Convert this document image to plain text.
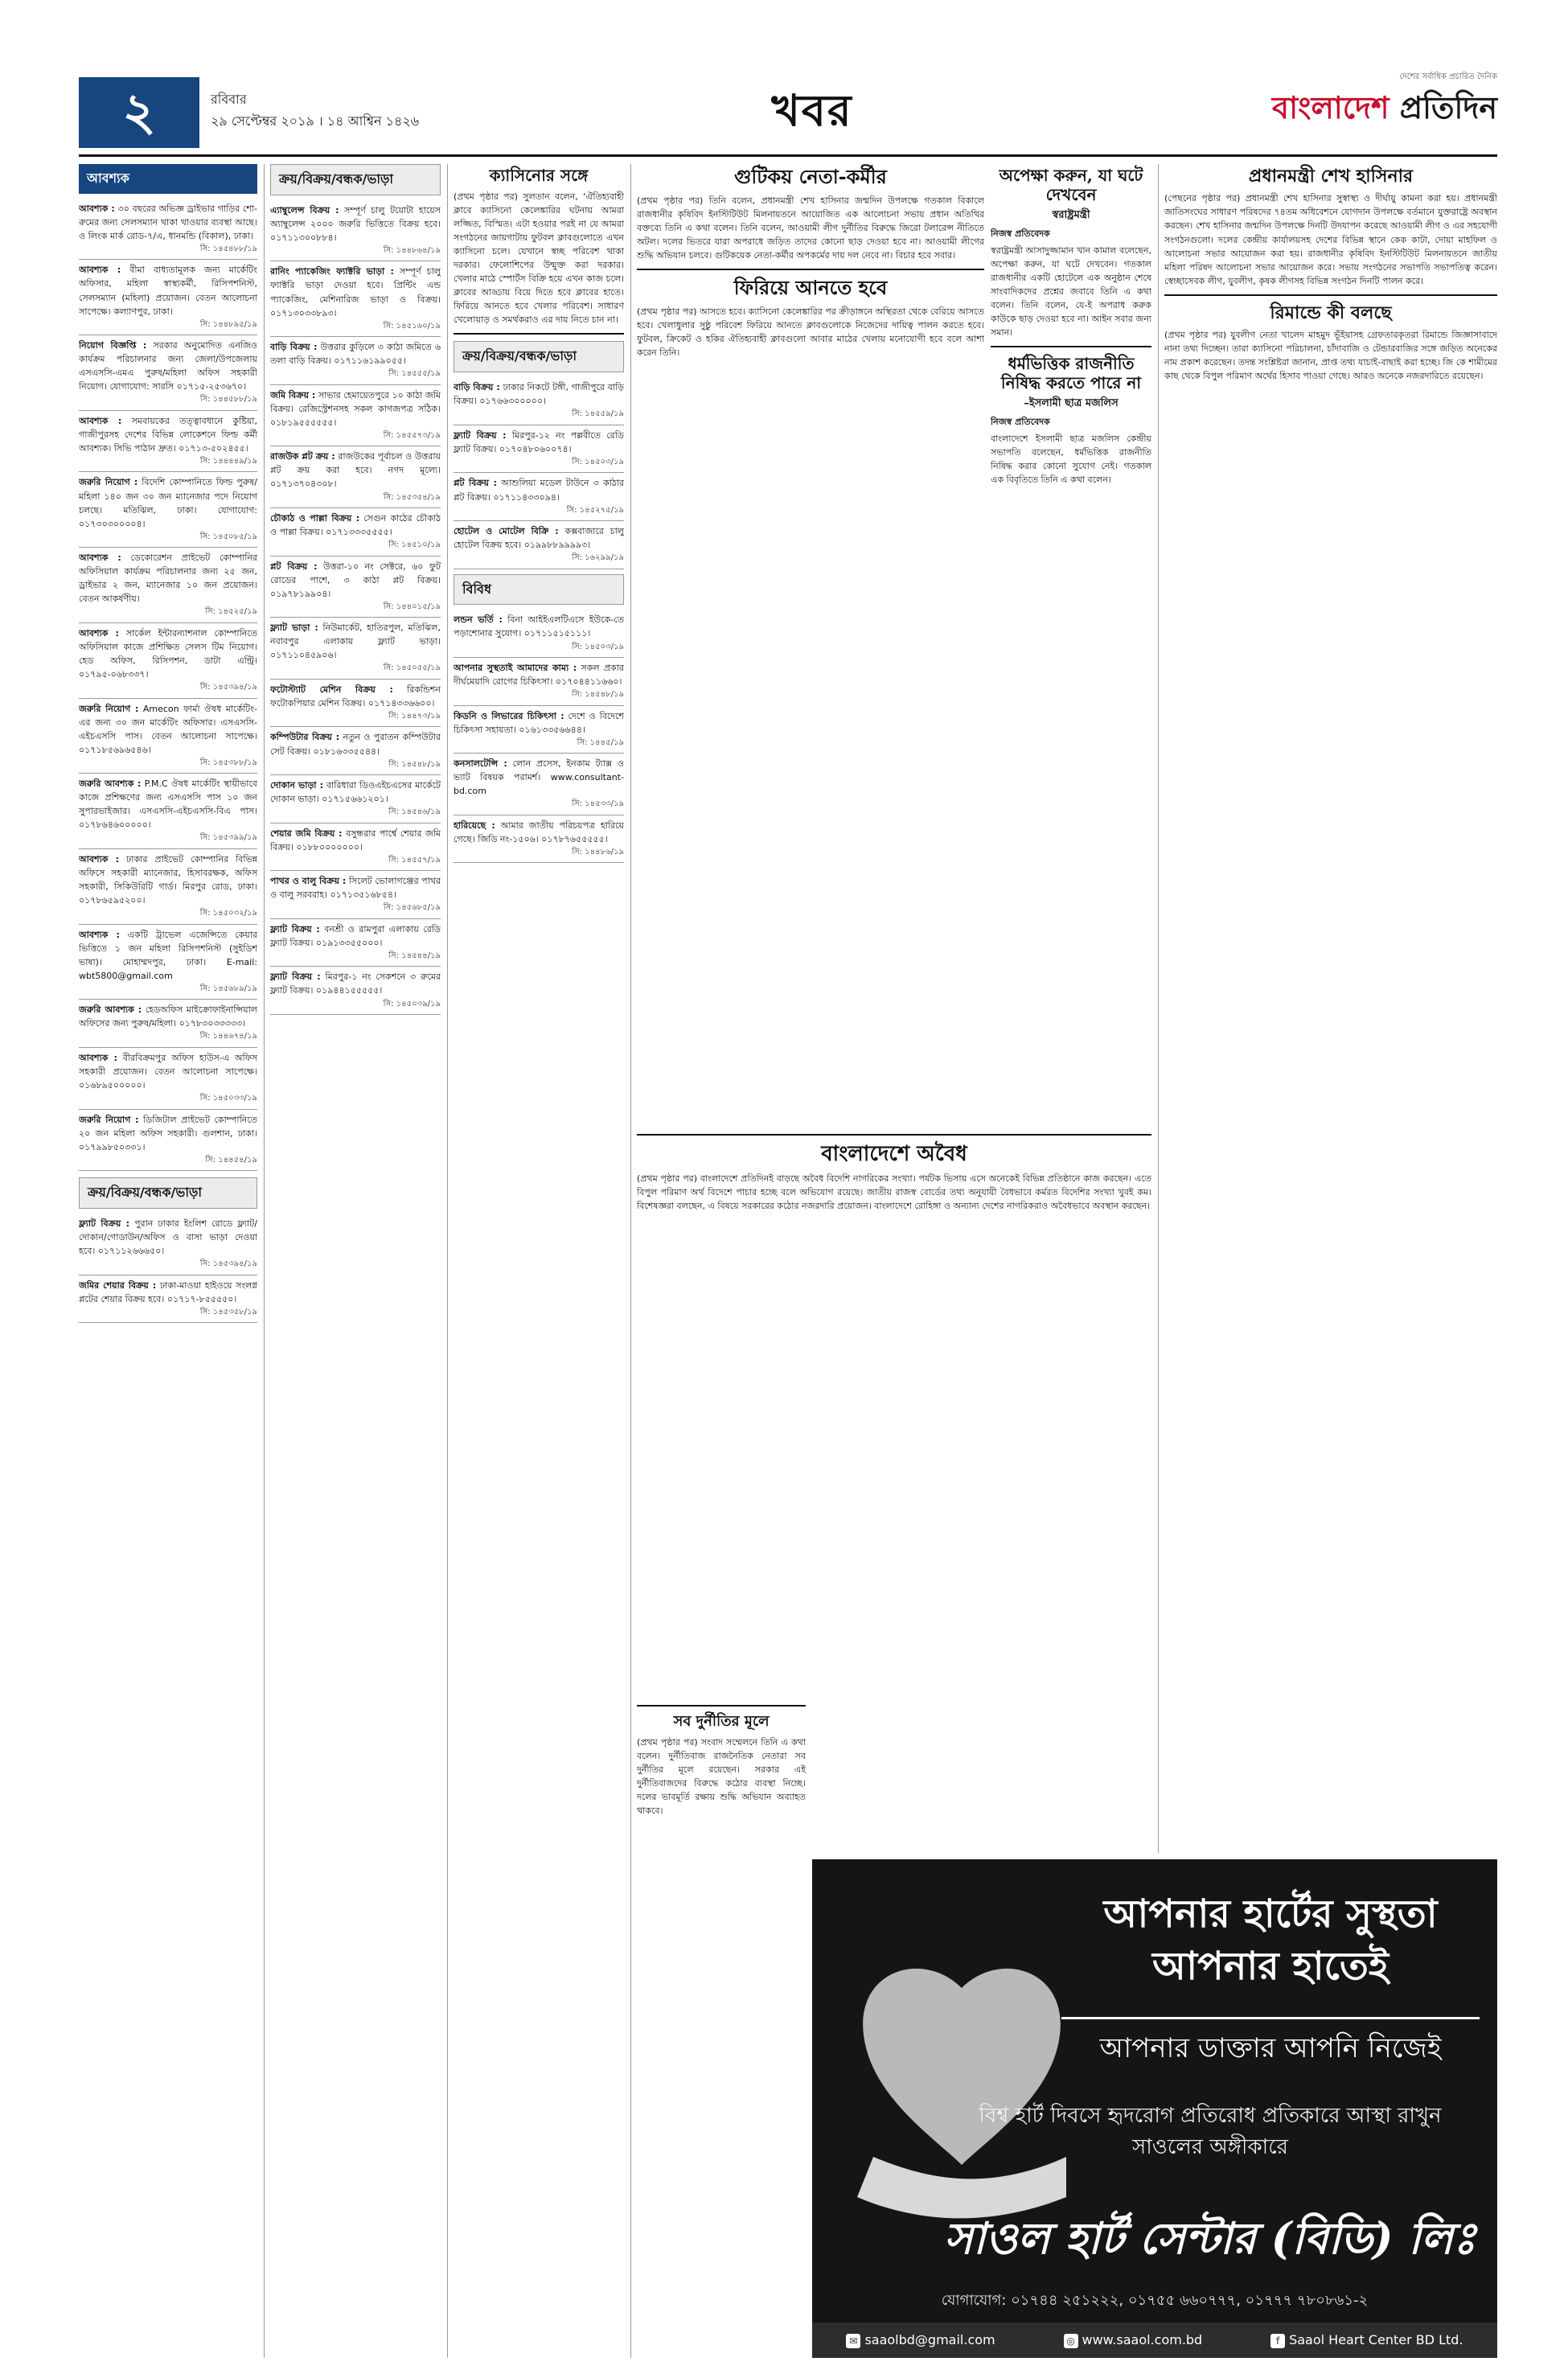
২	রবিবার
২৯ সেপ্টেম্বর ২০১৯ । ১৪ আশ্বিন ১৪২৬	খবর
দেশের সর্বাধিক প্রচারিত দৈনিক
বাংলাদেশ প্রতিদিন
আবশ্যক
আবশ্যক : ৩০ বছরের অভিজ্ঞ ড্রাইভার গাড়ির শো-রুমের জন্য সেলসম্যান থাকা থাওয়ার ব্যবস্থা আছে। ও লিংক মার্ক রোড-৭/এ, ধানমন্ডি (বিকাল), ঢাকা।
সি: ১৪৫৪৮৮/১৯
আবশ্যক : বীমা বাধ্যতামূলক জন্য মার্কেটিং অফিসার, মহিলা স্বাস্থ্যকর্মী, রিসিপশনিস্ট, সেলসম্যান (মহিলা) প্রয়োজন। বেতন আলোচনা সাপেক্ষে। কল্যাণপুর, ঢাকা।
সি: ১৪৪৮৯৫/১৯
নিয়োগ বিজ্ঞপ্তি : সরকার অনুমোদিত এনজিও কার্যক্রম পরিচালনার জন্য জেলা/উপজেলায় এসএসসি-এমএ পুরুষ/মহিলা অফিস সহকারী নিয়োগ। যোগাযোগ: সারসি ০১৭১৫-২৫৩৬৭০।
সি: ১৪৪৫৮৮/১৯
আবশ্যক : সমবায়কের তত্ত্বাবধানে কুষ্টিয়া, গাজীপুরসহ দেশের বিভিন্ন লোকেশনে ফিল্ড কর্মী আবশ্যক। সিভি পাঠান দ্রুত। ০১৭১৩-৫০২৪৫৫।
সি: ১৪৪৪৪৯/১৯
জরুরি নিয়োগ : বিদেশি কোম্পানিতে ফিল্ড পুরুষ/মহিলা ১৪০ জন ৩০ জন ম্যানেজার পদে নিয়োগ চলছে। মতিঝিল, ঢাকা। যোগাযোগ: ০১৭৩০৩০০০০৪।
সি: ১৪৫০৮৫/১৯
আবশ্যক : ডেকোরেশন প্রাইভেট কোম্পানির অফিসিয়াল কার্যক্রম পরিচালনার জন্য ২৫ জন, ড্রাইভার ২ জন, ম্যানেজার ১০ জন প্রয়োজন। বেতন আকর্ষণীয়।
সি: ১৪৫২৫/১৯
আবশ্যক : সার্কেল ইন্টারন্যাশনাল কোম্পানিতে অফিসিয়াল কাজে প্রশিক্ষিত সেলস টিম নিয়োগ। হেড অফিস, রিসিপশন, ডাটা এন্ট্রি। ০১৭৯৫-০৬৮৩৩৭।
সি: ১৪৫৩৯৪/১৯
জরুরি নিয়োগ : Amecon ফার্মা ঔষধ মার্কেটিং-এর জন্য ৩০ জন মার্কেটিং অফিসার। এসএসসি-এইচএসসি পাস। বেতন আলোচনা সাপেক্ষে। ০১৭১৮৫৬৯৬৫৪৬।
সি: ১৪৫৩৮৮/১৯
জরুরি আবশ্যক : P.M.C ঔষধ মার্কেটিং স্থায়ীভাবে কাজে প্রশিক্ষণের জন্য এসএসসি পাস ১০ জন সুপারভাইজার। এসএসসি-এইচএসসি-বিএ পাস। ০১৭৮৬৪৬০০০০০।
সি: ১৪৫৩৯৯/১৯
আবশ্যক : ঢাকার প্রাইভেট কোম্পানির বিভিন্ন অফিসে সহকারী ম্যানেজার, হিসাবরক্ষক, অফিস সহকারী, সিকিউরিটি গার্ড। মিরপুর রোড, ঢাকা। ০১৭৮৬৫৯৫২০০।
সি: ১৪৫০৩২/১৯
আবশ্যক : একটি ট্রাভেল এজেন্সিতে কেয়ার ভিত্তিতে ১ জন মহিলা রিসিপশনিস্ট (সুইডিশ ভাষা)। মোহাম্মদপুর, ঢাকা। E-mail: wbt5800@gmail.com
সি: ১৪৫৬৮৯/১৯
জরুরি আবশ্যক : হেডঅফিস মাইক্রোফাইনান্সিয়াল অফিসের জন্য পুরুষ/মহিলা। ০১৭৮৩০৩৩৩৩৩।
সি: ১৪৪৬৭৪/১৯
আবশ্যক : বীরবিক্রমপুর অফিস হাউস-এ অফিস সহকারী প্রয়োজন। বেতন আলোচনা সাপেক্ষে। ০১৬৮৯৫০০০০০।
সি: ১৪৫০৩৩/১৯
জরুরি নিয়োগ : ডিজিটাল প্রাইভেট কোম্পানিতে ২০ জন মহিলা অফিস সহকারী। গুলশান, ঢাকা। ০১৭৯৯৮৫০৩৩১।
সি: ১৪৪৫৪/১৯
ক্রয়/বিক্রয়/বন্ধক/ভাড়া
ফ্ল্যাট বিক্রয় : পুরান ঢাকার ইংলিশ রোডে ফ্ল্যাট/দোকান/গোডাউন/অফিস ও বাসা ভাড়া দেওয়া হবে। ০১৭১১২৬৬৬৫০।
সি: ১৪৫৩৯৪/১৯
জমির শেয়ার বিক্রয় : ঢাকা-মাওয়া হাইওয়ে সংলগ্ন প্লটের শেয়ার বিক্রয় হবে। ০১৭১৭-৮৫৫৫৫০।
সি: ১৪৫৩৫৮/১৯
ক্রয়/বিক্রয়/বন্ধক/ভাড়া
এ্যাম্বুলেন্স বিক্রয় : সম্পূর্ণ চালু টয়োটা হায়েস অ্যাম্বুলেন্স ২০০০ জরুরি ভিত্তিতে বিক্রয় হবে। ০১৭১১৩০০৮৮৪।
সি: ১৪৪৮৬৪/১৯
রানিং প্যাকেজিং ফ্যাক্টরি ভাড়া : সম্পূর্ণ চালু ফ্যাক্টরি ভাড়া দেওয়া হবে। প্রিন্টিং এন্ড প্যাকেজিং, মেশিনারিজ ভাড়া ও বিক্রয়। ০১৭১৩০৩৩৮৯৩।
সি: ১৪৫১৬০/১৯
বাড়ি বিক্রয় : উত্তরার কুড়িলে ৩ কাঠা জমিতে ৬ তলা বাড়ি বিক্রয়। ০১৭১১৬১৯৯০৫৫।
সি: ১৪৫৫৫/১৯
জমি বিক্রয় : সাভার হেমায়েতপুরে ১০ কাঠা জমি বিক্রয়। রেজিস্ট্রেশনসহ সকল কাগজপত্র সঠিক। ০১৮১৯৫৫৫৫৫৫।
সি: ১৪৫৫৭৩/১৯
রাজউক প্লট ক্রয় : রাজউকের পূর্বাচল ও উত্তরায় প্লট ক্রয় করা হবে। নগদ মূল্যে। ০১৭১৩৭০৪৩০৮।
সি: ১৪৫৩৫৪/১৯
চৌকাঠ ও পাল্লা বিক্রয় : সেগুন কাঠের চৌকাঠ ও পাল্লা বিক্রয়। ০১৭১৩৩৩৫৫৫৫।
সি: ১৪৫১০/১৯
প্লট বিক্রয় : উত্তরা-১০ নং সেক্টরে, ৬০ ফুট রোডের পাশে, ৩ কাঠা প্লট বিক্রয়। ০১৯৭৮১৯৯০৪।
সি: ১৪৪০১৫/১৯
ফ্ল্যাট ভাড়া : নিউমার্কেট, হাতিরপুল, মতিঝিল, নবাবপুর এলাকায় ফ্ল্যাট ভাড়া। ০১৭১১০৪৫৯০৬।
সি: ১৪৫০৫৫/১৯
ফটোস্ট্যাট মেশিন বিক্রয় : রিকন্ডিশন ফটোকপিয়ার মেশিন বিক্রয়। ০১৭১৪৩৩৬৬০০।
সি: ১৪৪৭৩/১৯
কম্পিউটার বিক্রয় : নতুন ও পুরাতন কম্পিউটার সেট বিক্রয়। ০১৮১৬৩৩৫৫৪৪।
সি: ১৪৫৪৮/১৯
দোকান ভাড়া : বারিধারা ডিওএইচএসের মার্কেটে দোকান ভাড়া। ০১৭১৫৬৬১২০১।
সি: ১৪৫৪৬/১৯
শেয়ার জমি বিক্রয় : বসুন্ধরার পার্শ্বে শেয়ার জমি বিক্রয়। ০১৮৮০০০০০০০।
সি: ১৪৫৫৭/১৯
পাথর ও বালু বিক্রয় : সিলেট ভোলাগঞ্জের পাথর ও বালু সরবরাহ। ০১৭১৩৫১৬৮৫৪।
সি: ১৪৫৬৮৫/১৯
ফ্ল্যাট বিক্রয় : বনশ্রী ও রামপুরা এলাকায় রেডি ফ্ল্যাট বিক্রয়। ০১৯১৩৩৫৫০০০।
সি: ১৪৫৪৪/১৯
ফ্ল্যাট বিক্রয় : মিরপুর-১ নং সেকশনে ৩ রুমের ফ্ল্যাট বিক্রয়। ০১৯৪৪১৫৫৫৫৫।
সি: ১৪৫০৩৯/১৯
ক্যাসিনোর সঙ্গে
(প্রথম পৃষ্ঠার পর) সুলতান বলেন, ‘ঐতিহ্যবাহী ক্লাবে ক্যাসিনো কেলেঙ্কারির ঘটনায় আমরা লজ্জিত, বিস্মিত। এটা হওয়ার পরই না যে আমরা সংগঠনের জায়গাটায় ফুটবল ক্লাবগুলোতে এখন ক্যাসিনো চলে। যেখানে স্বচ্ছ পরিবেশ থাকা দরকার। ফেলোশিপের উন্মুক্ত করা দরকার। খেলার মাঠে স্পোর্টস বিক্রি হয়ে এখন কাজ চলে। ক্লাবের আড্ডায় বিয়ে দিতে হবে ক্লাবের হাতে। ফিরিয়ে আনতে হবে খেলার পরিবেশ। সাধারণ খেলোয়াড় ও সমর্থকরাও এর দায় নিতে চান না।
ক্রয়/বিক্রয়/বন্ধক/ভাড়া
বাড়ি বিক্রয় : ঢাকার নিকটে টঙ্গী, গাজীপুরে বাড়ি বিক্রয়। ০১৭৬৬৩০০০০০।
সি: ১৪৫৫৯/১৯
ফ্ল্যাট বিক্রয় : মিরপুর-১২ নং পল্লবীতে রেডি ফ্ল্যাট বিক্রয়। ০১৭০৪৮০৬০০৭৪।
সি: ১৪৫০৩/১৯
প্লট বিক্রয় : আশুলিয়া মডেল টাউনে ৩ কাঠার প্লট বিক্রয়। ০১৭১১৪৩৩০৯৪।
সি: ১৪৫২৭৫/১৯
হোটেল ও মোটেল বিক্রি : কক্সবাজারে চালু হোটেল বিক্রয় হবে। ০১৯৯৮৮৯৯৯৯৩।
সি: ১৬২৯৯/১৯
বিবিধ
লন্ডন ভর্তি : বিনা আইইএলটিএসে ইউকে-তে পড়াশোনার সুযোগ। ০১৭১১৫১৫১১১।
সি: ১৪৫০৩/১৯
আপনার সুস্থতাই আমাদের কাম্য : সকল প্রকার দীর্ঘমেয়াদি রোগের চিকিৎসা। ০১৭০৪৪১১৬৬০।
সি: ১৪৫৪৮/১৯
কিডনি ও লিভারের চিকিৎসা : দেশে ও বিদেশে চিকিৎসা সহায়তা। ০১৬১৩৩৫৬৬৪৪।
সি: ১৪৪৫/১৯
কনসালটেন্সি : লোন প্রসেস, ইনকাম ট্যাক্স ও ভ্যাট বিষয়ক পরামর্শ। www.consultant-bd.com
সি: ১৪৫৩৩/১৯
হারিয়েছে : আমার জাতীয় পরিচয়পত্র হারিয়ে গেছে। জিডি নং-১৫০৬। ০১৭৮৭৬৫৫৫৫৫।
সি: ১৪৪৮৬/১৯
গুটিকয় নেতা-কর্মীর
(প্রথম পৃষ্ঠার পর) তিনি বলেন, প্রধানমন্ত্রী শেখ হাসিনার জন্মদিন উপলক্ষে গতকাল বিকালে রাজধানীর কৃষিবিদ ইনস্টিটিউট মিলনায়তনে আয়োজিত এক আলোচনা সভায় প্রধান অতিথির বক্তব্যে তিনি এ কথা বলেন। তিনি বলেন, আওয়ামী লীগ দুর্নীতির বিরুদ্ধে জিরো টলারেন্স নীতিতে অটল। দলের ভিতরে যারা অপরাধে জড়িত তাদের কোনো ছাড় দেওয়া হবে না। আওয়ামী লীগের শুদ্ধি অভিযান চলবে। গুটিকয়েক নেতা-কর্মীর অপকর্মের দায় দল নেবে না। বিচার হবে সবার।
ফিরিয়ে আনতে হবে
(প্রথম পৃষ্ঠার পর) আসতে হবে। ক্যাসিনো কেলেঙ্কারির পর ক্রীড়াঙ্গনে অস্থিরতা থেকে বেরিয়ে আসতে হবে। খেলাধুলার সুষ্ঠু পরিবেশ ফিরিয়ে আনতে ক্লাবগুলোকে নিজেদের দায়িত্ব পালন করতে হবে। ফুটবল, ক্রিকেট ও হকির ঐতিহ্যবাহী ক্লাবগুলো আবার মাঠের খেলায় মনোযোগী হবে বলে আশা করেন তিনি।
বাংলাদেশে অবৈধ
(প্রথম পৃষ্ঠার পর) বাংলাদেশে প্রতিদিনই বাড়ছে অবৈধ বিদেশি নাগরিকের সংখ্যা। পর্যটক ভিসায় এসে অনেকেই বিভিন্ন প্রতিষ্ঠানে কাজ করছেন। এতে বিপুল পরিমাণ অর্থ বিদেশে পাচার হচ্ছে বলে অভিযোগ রয়েছে। জাতীয় রাজস্ব বোর্ডের তথ্য অনুযায়ী বৈধভাবে কর্মরত বিদেশির সংখ্যা খুবই কম। বিশেষজ্ঞরা বলছেন, এ বিষয়ে সরকারের কঠোর নজরদারি প্রয়োজন। বাংলাদেশে রোহিঙ্গা ও অন্যান্য দেশের নাগরিকরাও অবৈধভাবে অবস্থান করছেন।
সব দুর্নীতির মূলে
(প্রথম পৃষ্ঠার পর) সংবাদ সম্মেলনে তিনি এ কথা বলেন। দুর্নীতিবাজ রাজনৈতিক নেতারা সব দুর্নীতির মূলে রয়েছেন। সরকার এই দুর্নীতিবাজদের বিরুদ্ধে কঠোর ব্যবস্থা নিচ্ছে। দলের ভাবমূর্তি রক্ষায় শুদ্ধি অভিযান অব্যাহত থাকবে।
অপেক্ষা করুন, যা ঘটে দেখবেন
স্বরাষ্ট্রমন্ত্রী
নিজস্ব প্রতিবেদক
স্বরাষ্ট্রমন্ত্রী আসাদুজ্জামান খান কামাল বলেছেন, অপেক্ষা করুন, যা ঘটে দেখবেন। গতকাল রাজধানীর একটি হোটেলে এক অনুষ্ঠান শেষে সাংবাদিকদের প্রশ্নের জবাবে তিনি এ কথা বলেন। তিনি বলেন, যে-ই অপরাধ করুক কাউকে ছাড় দেওয়া হবে না। আইন সবার জন্য সমান।
ধর্মভিত্তিক রাজনীতি নিষিদ্ধ করতে পারে না
–ইসলামী ছাত্র মজলিস
নিজস্ব প্রতিবেদক
বাংলাদেশে ইসলামী ছাত্র মজলিস কেন্দ্রীয় সভাপতি বলেছেন, ধর্মভিত্তিক রাজনীতি নিষিদ্ধ করার কোনো সুযোগ নেই। গতকাল এক বিবৃতিতে তিনি এ কথা বলেন।
প্রধানমন্ত্রী শেখ হাসিনার
(পেছনের পৃষ্ঠার পর) প্রধানমন্ত্রী শেখ হাসিনার সুস্বাস্থ্য ও দীর্ঘায়ু কামনা করা হয়। প্রধানমন্ত্রী জাতিসংঘের সাধারণ পরিষদের ৭৪তম অধিবেশনে যোগদান উপলক্ষে বর্তমানে যুক্তরাষ্ট্রে অবস্থান করছেন। শেখ হাসিনার জন্মদিন উপলক্ষে দিনটি উদযাপন করেছে আওয়ামী লীগ ও এর সহযোগী সংগঠনগুলো। দলের কেন্দ্রীয় কার্যালয়সহ দেশের বিভিন্ন স্থানে কেক কাটা, দোয়া মাহফিল ও আলোচনা সভার আয়োজন করা হয়। রাজধানীর কৃষিবিদ ইনস্টিটিউট মিলনায়তনে জাতীয় মহিলা পরিষদ আলোচনা সভার আয়োজন করে। সভায় সংগঠনের সভাপতি সভাপতিত্ব করেন। স্বেচ্ছাসেবক লীগ, যুবলীগ, কৃষক লীগসহ বিভিন্ন সংগঠন দিনটি পালন করে।
রিমান্ডে কী বলছে
(প্রথম পৃষ্ঠার পর) যুবলীগ নেতা খালেদ মাহমুদ ভূঁইয়াসহ গ্রেফতারকৃতরা রিমান্ডে জিজ্ঞাসাবাদে নানা তথ্য দিচ্ছেন। তারা ক্যাসিনো পরিচালনা, চাঁদাবাজি ও টেন্ডারবাজির সঙ্গে জড়িত অনেকের নাম প্রকাশ করেছেন। তদন্ত সংশ্লিষ্টরা জানান, প্রাপ্ত তথ্য যাচাই-বাছাই করা হচ্ছে। জি কে শামীমের কাছ থেকে বিপুল পরিমাণ অর্থের হিসাব পাওয়া গেছে। আরও অনেকে নজরদারিতে রয়েছেন।
আপনার হার্টের সুস্থতা আপনার হাতেই
আপনার ডাক্তার আপনি নিজেই
বিশ্ব হার্ট দিবসে হৃদরোগ প্রতিরোধ প্রতিকারে আস্থা রাখুন সাওলের অঙ্গীকারে
সাওল হার্ট সেন্টার (বিডি) লিঃ
যোগাযোগ: ০১৭৪৪ ২৫১২২২, ০১৭৫৫ ৬৬০৭৭৭, ০১৭৭৭ ৭৮০৮৬১-২
✉ saaolbd@gmail.com	◎ www.saaol.com.bd	f Saaol Heart Center BD Ltd.
